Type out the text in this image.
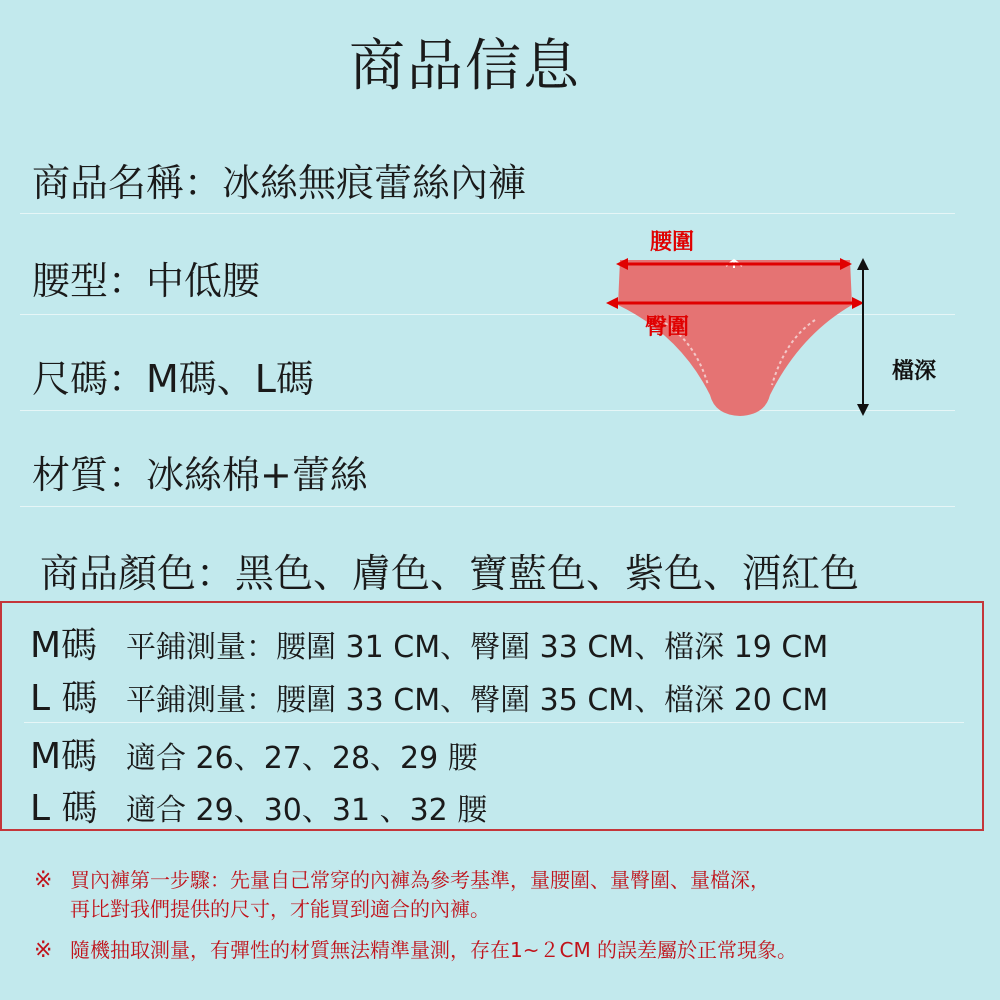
商品信息
商品名稱：冰絲無痕蕾絲內褲
腰型：中低腰
尺碼：M碼、L碼
材質：冰絲棉+蕾絲
商品顏色：黑色、膚色、寶藍色、紫色、酒紅色
腰圍
臀圍
檔深
M碼 平鋪測量：腰圍 31 CM、臀圍 33 CM、檔深 19 CM
L 碼 平鋪測量：腰圍 33 CM、臀圍 35 CM、檔深 20 CM
M碼 適合 26、27、28、29 腰
L 碼 適合 29、30、31 、32 腰
※ 買內褲第一步驟：先量自己常穿的內褲為參考基準，量腰圍、量臀圍、量檔深，
再比對我們提供的尺寸，才能買到適合的內褲。
※ 隨機抽取測量，有彈性的材質無法精準量測，存在1~２CM 的誤差屬於正常現象。
